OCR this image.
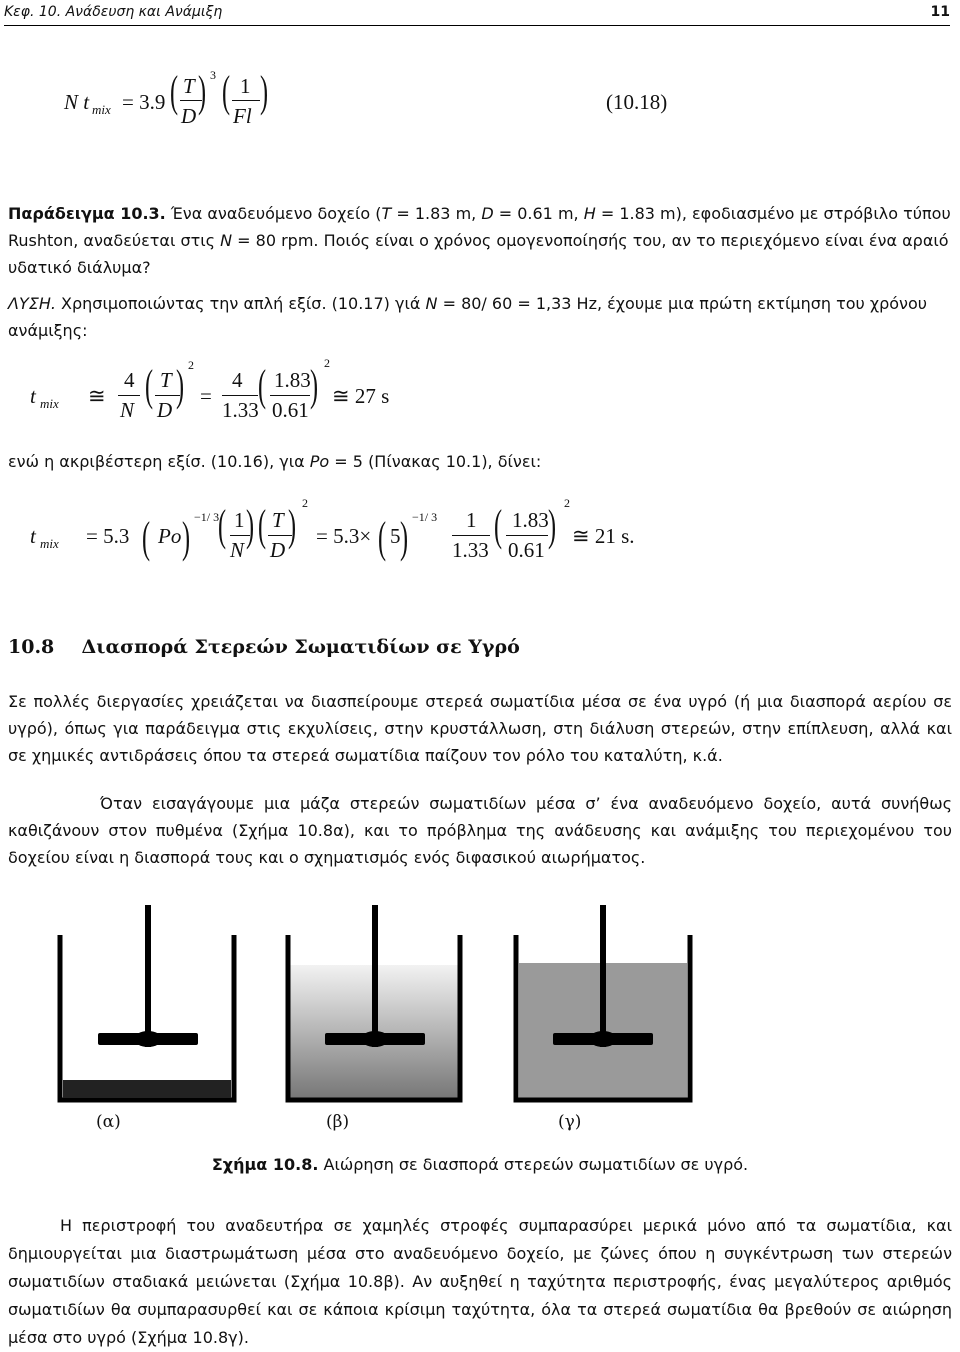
Κεφ. 10. Ανάδευση και Ανάμιξη	11
N t mix = 3.9 ( T
D ) 3 ( 1
Fl )	(10.18)

Παράδειγμα 10.3. Ένα αναδευόμενο δοχείο (T = 1.83 m, D = 0.61 m, H = 1.83 m), εφοδιασμένο με στρόβιλο τύπου Rushton, αναδεύεται στις N = 80 rpm. Ποιός είναι ο χρόνος ομογενοποίησής του, αν το περιεχόμενο είναι ένα αραιό υδατικό διάλυμα?

ΛΥΣΗ. Χρησιμοποιώντας την απλή εξίσ. (10.17) γιά N = 80/ 60 = 1,33 Hz, έχουμε μια πρώτη εκτίμηση του χρόνου ανάμιξης:

t mix ≅
4
N ( T
D ) 2
=
4
1.33 ( 1.83
0.61 ) 2
≅ 27 s

ενώ η ακριβέστερη εξίσ. (10.16), για Po = 5 (Πίνακας 10.1), δίνει:

t mix = 5.3 ( Po ) −1/ 3
( 1
N ) ( T
D ) 2
= 5.3× ( 5 ) −1/ 3 1
1.33 ( 1.83
0.61 ) 2
≅ 21 s.
10.8 Διασπορά Στερεών Σωματιδίων σε Υγρό

Σε πολλές διεργασίες χρειάζεται να διασπείρουμε στερεά σωματίδια μέσα σε ένα υγρό (ή μια διασπορά αερίου σε υγρό), όπως για παράδειγμα στις εκχυλίσεις, στην κρυστάλλωση, στη διάλυση στερεών, στην επίπλευση, αλλά και σε χημικές αντιδράσεις όπου τα στερεά σωματίδια παίζουν τον ρόλο του καταλύτη, κ.ά.

Όταν εισαγάγουμε μια μάζα στερεών σωματιδίων μέσα σ’ ένα αναδευόμενο δοχείο, αυτά συνήθως καθιζάνουν στον πυθμένα (Σχήμα 10.8α), και το πρόβλημα της ανάδευσης και ανάμιξης του περιεχομένου του δοχείου είναι η διασπορά τους και ο σχηματισμός ενός διφασικού αιωρήματος.

(α)	(β)	(γ)
Σχήμα 10.8. Αιώρηση σε διασπορά στερεών σωματιδίων σε υγρό.

Η περιστροφή του αναδευτήρα σε χαμηλές στροφές συμπαρασύρει μερικά μόνο από τα σωματίδια, και δημιουργείται μια διαστρωμάτωση μέσα στο αναδευόμενο δοχείο, με ζώνες όπου η συγκέντρωση των στερεών σωματιδίων σταδιακά μειώνεται (Σχήμα 10.8β). Αν αυξηθεί η ταχύτητα περιστροφής, ένας μεγαλύτερος αριθμός σωματιδίων θα συμπαρασυρθεί και σε κάποια κρίσιμη ταχύτητα, όλα τα στερεά σωματίδια θα βρεθούν σε αιώρηση μέσα στο υγρό (Σχήμα 10.8γ).
